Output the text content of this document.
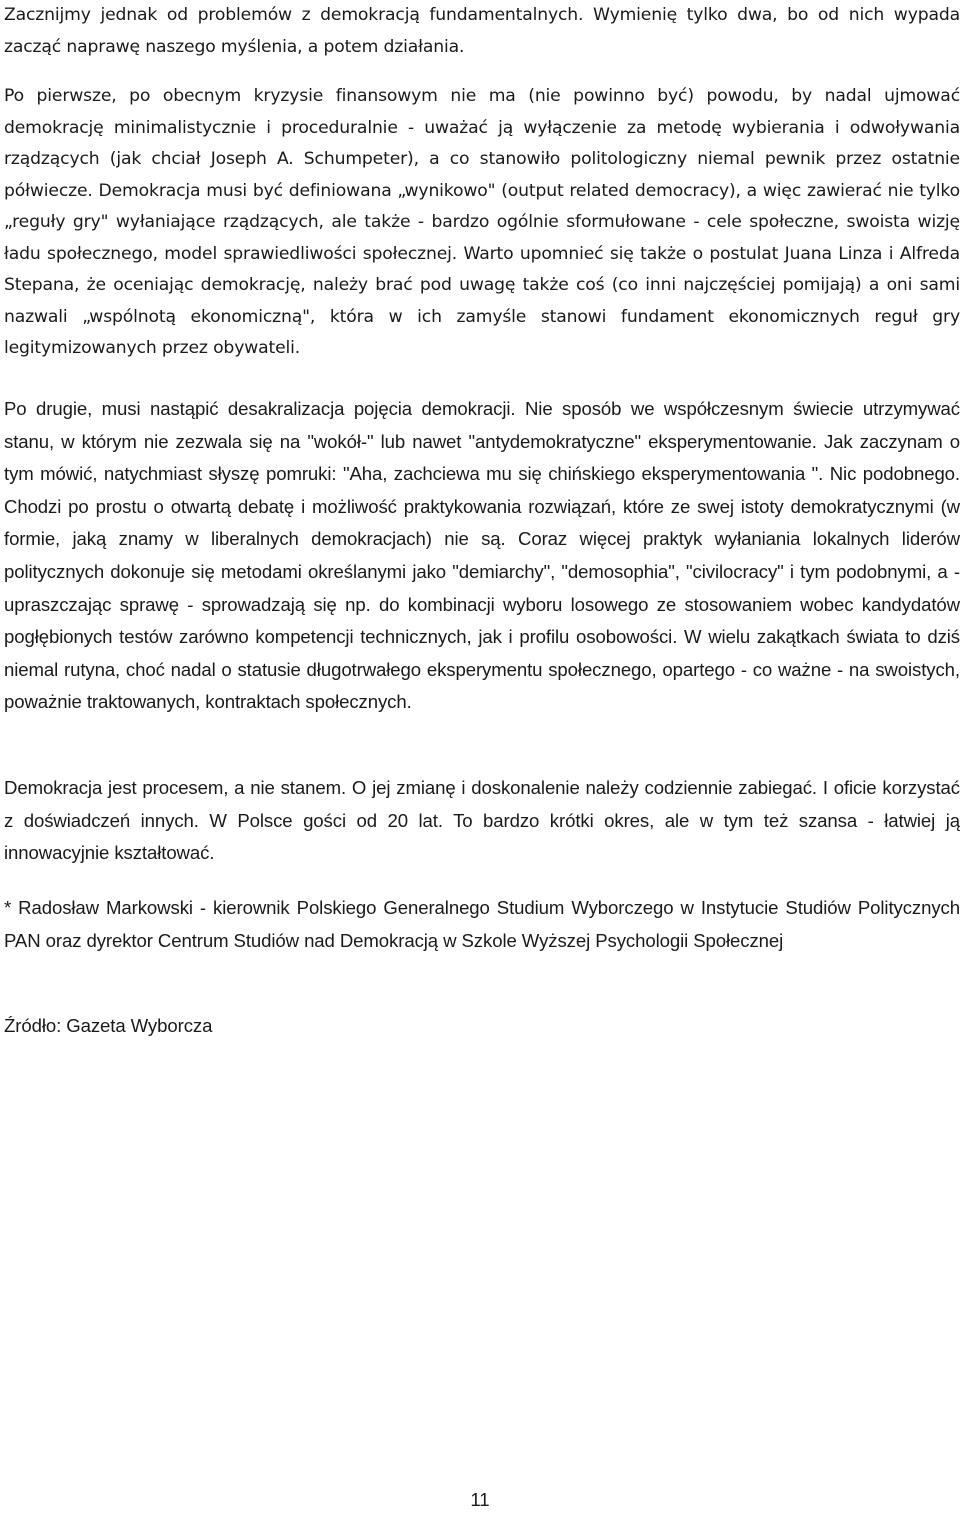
Zacznijmy jednak od problemów z demokracją fundamentalnych. Wymienię tylko dwa, bo od nich wypada zacząć naprawę naszego myślenia, a potem działania.

Po pierwsze, po obecnym kryzysie finansowym nie ma (nie powinno być) powodu, by nadal ujmować demokrację minimalistycznie i proceduralnie - uważać ją wyłączenie za metodę wybierania i odwoływania rządzących (jak chciał Joseph A. Schumpeter), a co stanowiło politologiczny niemal pewnik przez ostatnie półwiecze. Demokracja musi być definiowana „wynikowo" (output related democracy), a więc zawierać nie tylko „reguły gry" wyłaniające rządzących, ale także - bardzo ogólnie sformułowane - cele społeczne, swoista wizję ładu społecznego, model sprawiedliwości społecznej. Warto upomnieć się także o postulat Juana Linza i Alfreda Stepana, że oceniając demokrację, należy brać pod uwagę także coś (co inni najczęściej pomijają) a oni sami nazwali „wspólnotą ekonomiczną", która w ich zamyśle stanowi fundament ekonomicznych reguł gry legitymizowanych przez obywateli.

Po drugie, musi nastąpić desakralizacja pojęcia demokracji. Nie sposób we współczesnym świecie utrzymywać stanu, w którym nie zezwala się na "wokół-" lub nawet "antydemokratyczne" eksperymentowanie. Jak zaczynam o tym mówić, natychmiast słyszę pomruki: "Aha, zachciewa mu się chińskiego eksperymentowania ". Nic podobnego. Chodzi po prostu o otwartą debatę i możliwość praktykowania rozwiązań, które ze swej istoty demokratycznymi (w formie, jaką znamy w liberalnych demokracjach) nie są. Coraz więcej praktyk wyłaniania lokalnych liderów politycznych dokonuje się metodami określanymi jako "demiarchy", "demosophia", "civilocracy" i tym podobnymi, a - upraszczając sprawę - sprowadzają się np. do kombinacji wyboru losowego ze stosowaniem wobec kandydatów pogłębionych testów zarówno kompetencji technicznych, jak i profilu osobowości. W wielu zakątkach świata to dziś niemal rutyna, choć nadal o statusie długotrwałego eksperymentu społecznego, opartego - co ważne - na swoistych, poważnie traktowanych, kontraktach społecznych.

Demokracja jest procesem, a nie stanem. O jej zmianę i doskonalenie należy codziennie zabiegać. I oficie korzystać z doświadczeń innych. W Polsce gości od 20 lat. To bardzo krótki okres, ale w tym też szansa - łatwiej ją innowacyjnie kształtować.

* Radosław Markowski - kierownik Polskiego Generalnego Studium Wyborczego w Instytucie Studiów Politycznych PAN oraz dyrektor Centrum Studiów nad Demokracją w Szkole Wyższej Psychologii Społecznej

Źródło: Gazeta Wyborcza

11
